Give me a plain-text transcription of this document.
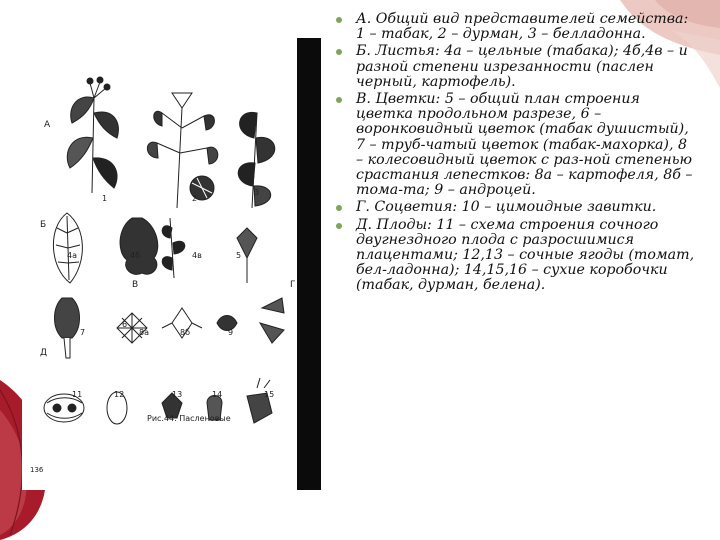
А
Б
В	Г
Д
1	2
3
4а	4б	4в	5
6
7	8а	8б	9
11	12	13	14	15
Рис.44. Пасленовые
136
А. Общий вид представителей семейства: 1 – табак, 2 – дурман, 3 – белладонна.
Б. Листья: 4а – цельные (табака); 4б,4в – и разной степени изрезанности (паслен черный, картофель).
В. Цветки: 5 – общий план строения цветка продольном разрезе, 6 – воронковидный цветок (табак душистый), 7 – труб-чатый цветок (табак-махорка), 8 – колесовидный цветок с раз-ной степенью срастания лепестков: 8а – картофеля, 8б – тома-та; 9 – андроцей.
Г. Соцветия: 10 – цимоидные завитки.
Д. Плоды: 11 – схема строения сочного двугнездного плода с разросшимися плацентами; 12,13 – сочные ягоды (томат, бел-ладонна); 14,15,16 – сухие коробочки (табак, дурман, белена).
